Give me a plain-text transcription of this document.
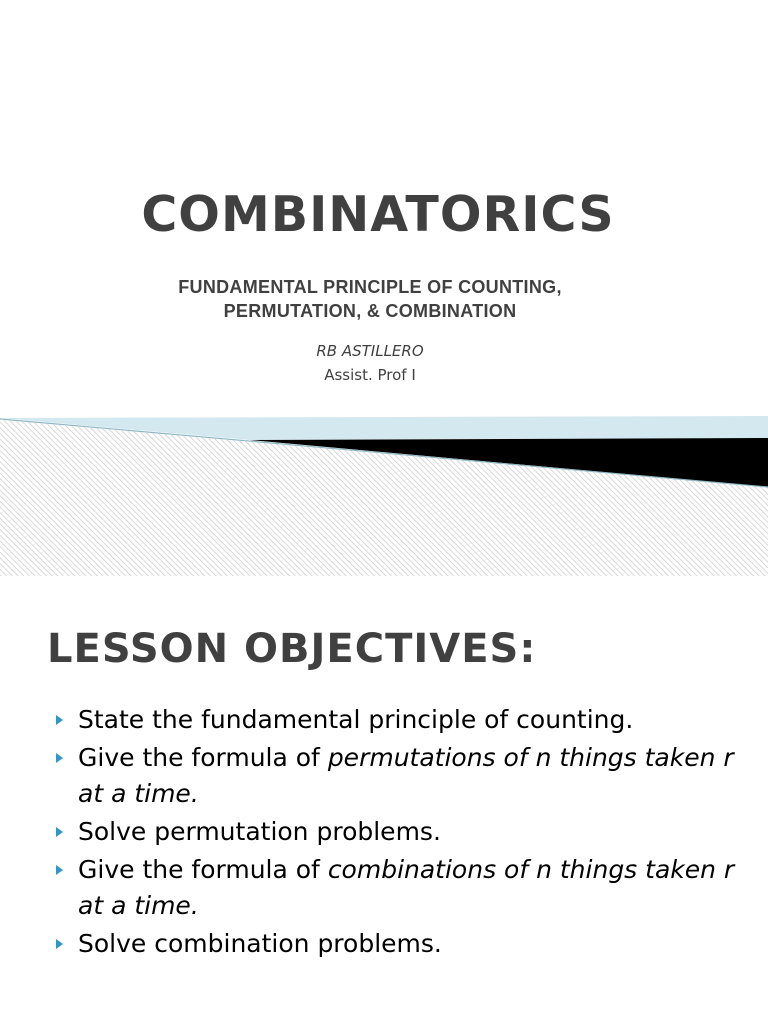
COMBINATORICS
FUNDAMENTAL PRINCIPLE OF COUNTING,
PERMUTATION, & COMBINATION
RB ASTILLERO
Assist. Prof I
LESSON OBJECTIVES:
State the fundamental principle of counting.
Give the formula of permutations of n things taken r at a time.
Solve permutation problems.
Give the formula of combinations of n things taken r at a time.
Solve combination problems.
